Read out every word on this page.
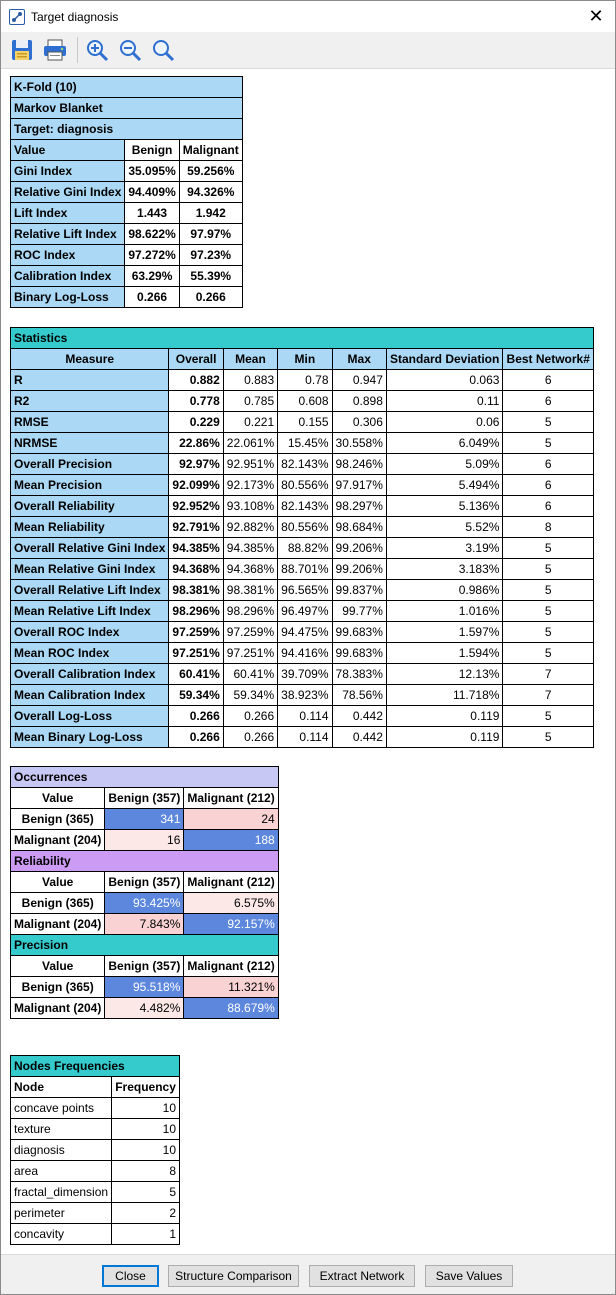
Target diagnosis	✕
K-Fold (10)		
Markov Blanket		
Target: diagnosis		
Value	Benign	Malignant
Gini Index	35.095%	59.256%
Relative Gini Index	94.409%	94.326%
Lift Index	1.443	1.942
Relative Lift Index	98.622%	97.97%
ROC Index	97.272%	97.23%
Calibration Index	63.29%	55.39%
Binary Log-Loss	0.266	0.266
Statistics						
Measure	Overall	Mean	Min	Max	Standard Deviation	Best Network#
R	0.882	0.883	0.78	0.947	0.063	6
R2	0.778	0.785	0.608	0.898	0.11	6
RMSE	0.229	0.221	0.155	0.306	0.06	5
NRMSE	22.86%	22.061%	15.45%	30.558%	6.049%	5
Overall Precision	92.97%	92.951%	82.143%	98.246%	5.09%	6
Mean Precision	92.099%	92.173%	80.556%	97.917%	5.494%	6
Overall Reliability	92.952%	93.108%	82.143%	98.297%	5.136%	6
Mean Reliability	92.791%	92.882%	80.556%	98.684%	5.52%	8
Overall Relative Gini Index	94.385%	94.385%	88.82%	99.206%	3.19%	5
Mean Relative Gini Index	94.368%	94.368%	88.701%	99.206%	3.183%	5
Overall Relative Lift Index	98.381%	98.381%	96.565%	99.837%	0.986%	5
Mean Relative Lift Index	98.296%	98.296%	96.497%	99.77%	1.016%	5
Overall ROC Index	97.259%	97.259%	94.475%	99.683%	1.597%	5
Mean ROC Index	97.251%	97.251%	94.416%	99.683%	1.594%	5
Overall Calibration Index	60.41%	60.41%	39.709%	78.383%	12.13%	7
Mean Calibration Index	59.34%	59.34%	38.923%	78.56%	11.718%	7
Overall Log-Loss	0.266	0.266	0.114	0.442	0.119	5
Mean Binary Log-Loss	0.266	0.266	0.114	0.442	0.119	5
Occurrences		
Value	Benign (357)	Malignant (212)
Benign (365)	341	24
Malignant (204)	16	188
Reliability		
Value	Benign (357)	Malignant (212)
Benign (365)	93.425%	6.575%
Malignant (204)	7.843%	92.157%
Precision		
Value	Benign (357)	Malignant (212)
Benign (365)	95.518%	11.321%
Malignant (204)	4.482%	88.679%
Nodes Frequencies	
Node	Frequency
concave points	10
texture	10
diagnosis	10
area	8
fractal_dimension	5
perimeter	2
concavity	1
Close	Structure Comparison	Extract Network	Save Values
